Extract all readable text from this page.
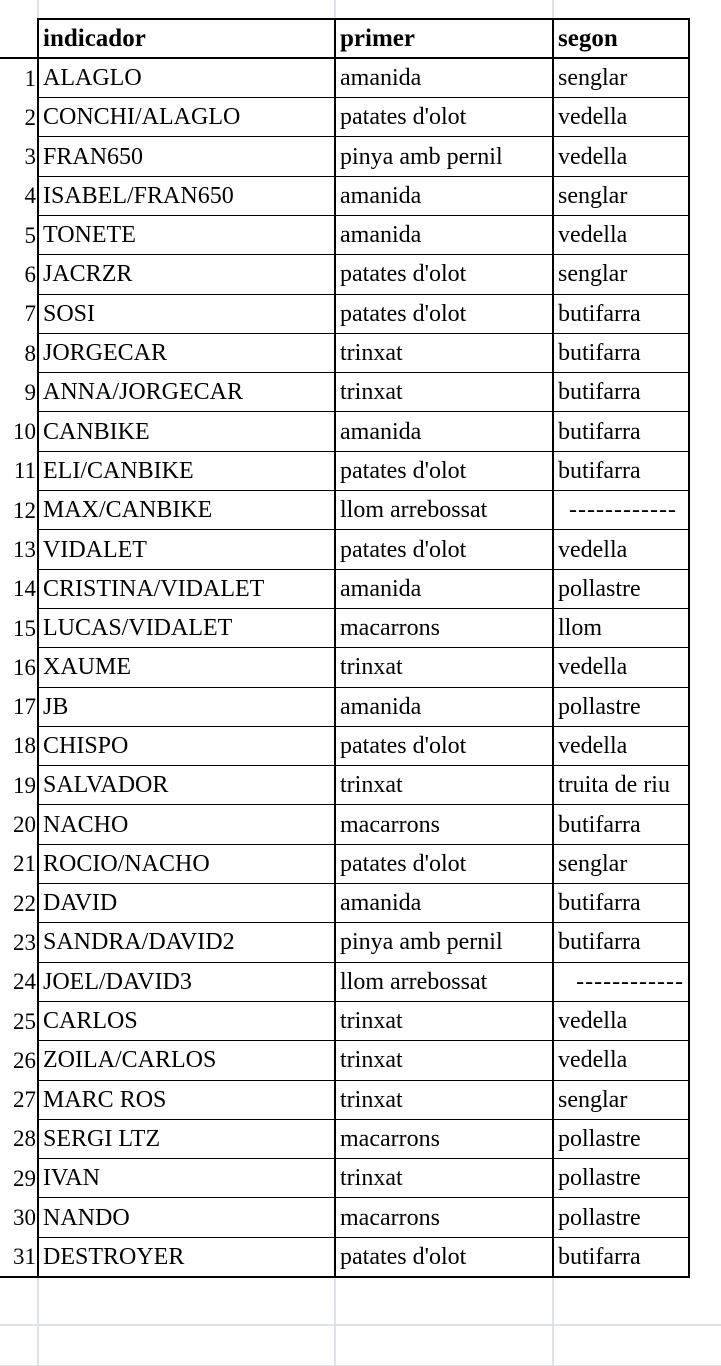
	indicador	primer	segon
1	ALAGLO	amanida	senglar
2	CONCHI/ALAGLO	patates d'olot	vedella
3	FRAN650	pinya amb pernil	vedella
4	ISABEL/FRAN650	amanida	senglar
5	TONETE	amanida	vedella
6	JACRZR	patates d'olot	senglar
7	SOSI	patates d'olot	butifarra
8	JORGECAR	trinxat	butifarra
9	ANNA/JORGECAR	trinxat	butifarra
10	CANBIKE	amanida	butifarra
11	ELI/CANBIKE	patates d'olot	butifarra
12	MAX/CANBIKE	llom arrebossat	------------
13	VIDALET	patates d'olot	vedella
14	CRISTINA/VIDALET	amanida	pollastre
15	LUCAS/VIDALET	macarrons	llom
16	XAUME	trinxat	vedella
17	JB	amanida	pollastre
18	CHISPO	patates d'olot	vedella
19	SALVADOR	trinxat	truita de riu
20	NACHO	macarrons	butifarra
21	ROCIO/NACHO	patates d'olot	senglar
22	DAVID	amanida	butifarra
23	SANDRA/DAVID2	pinya amb pernil	butifarra
24	JOEL/DAVID3	llom arrebossat	------------
25	CARLOS	trinxat	vedella
26	ZOILA/CARLOS	trinxat	vedella
27	MARC ROS	trinxat	senglar
28	SERGI LTZ	macarrons	pollastre
29	IVAN	trinxat	pollastre
30	NANDO	macarrons	pollastre
31	DESTROYER	patates d'olot	butifarra
